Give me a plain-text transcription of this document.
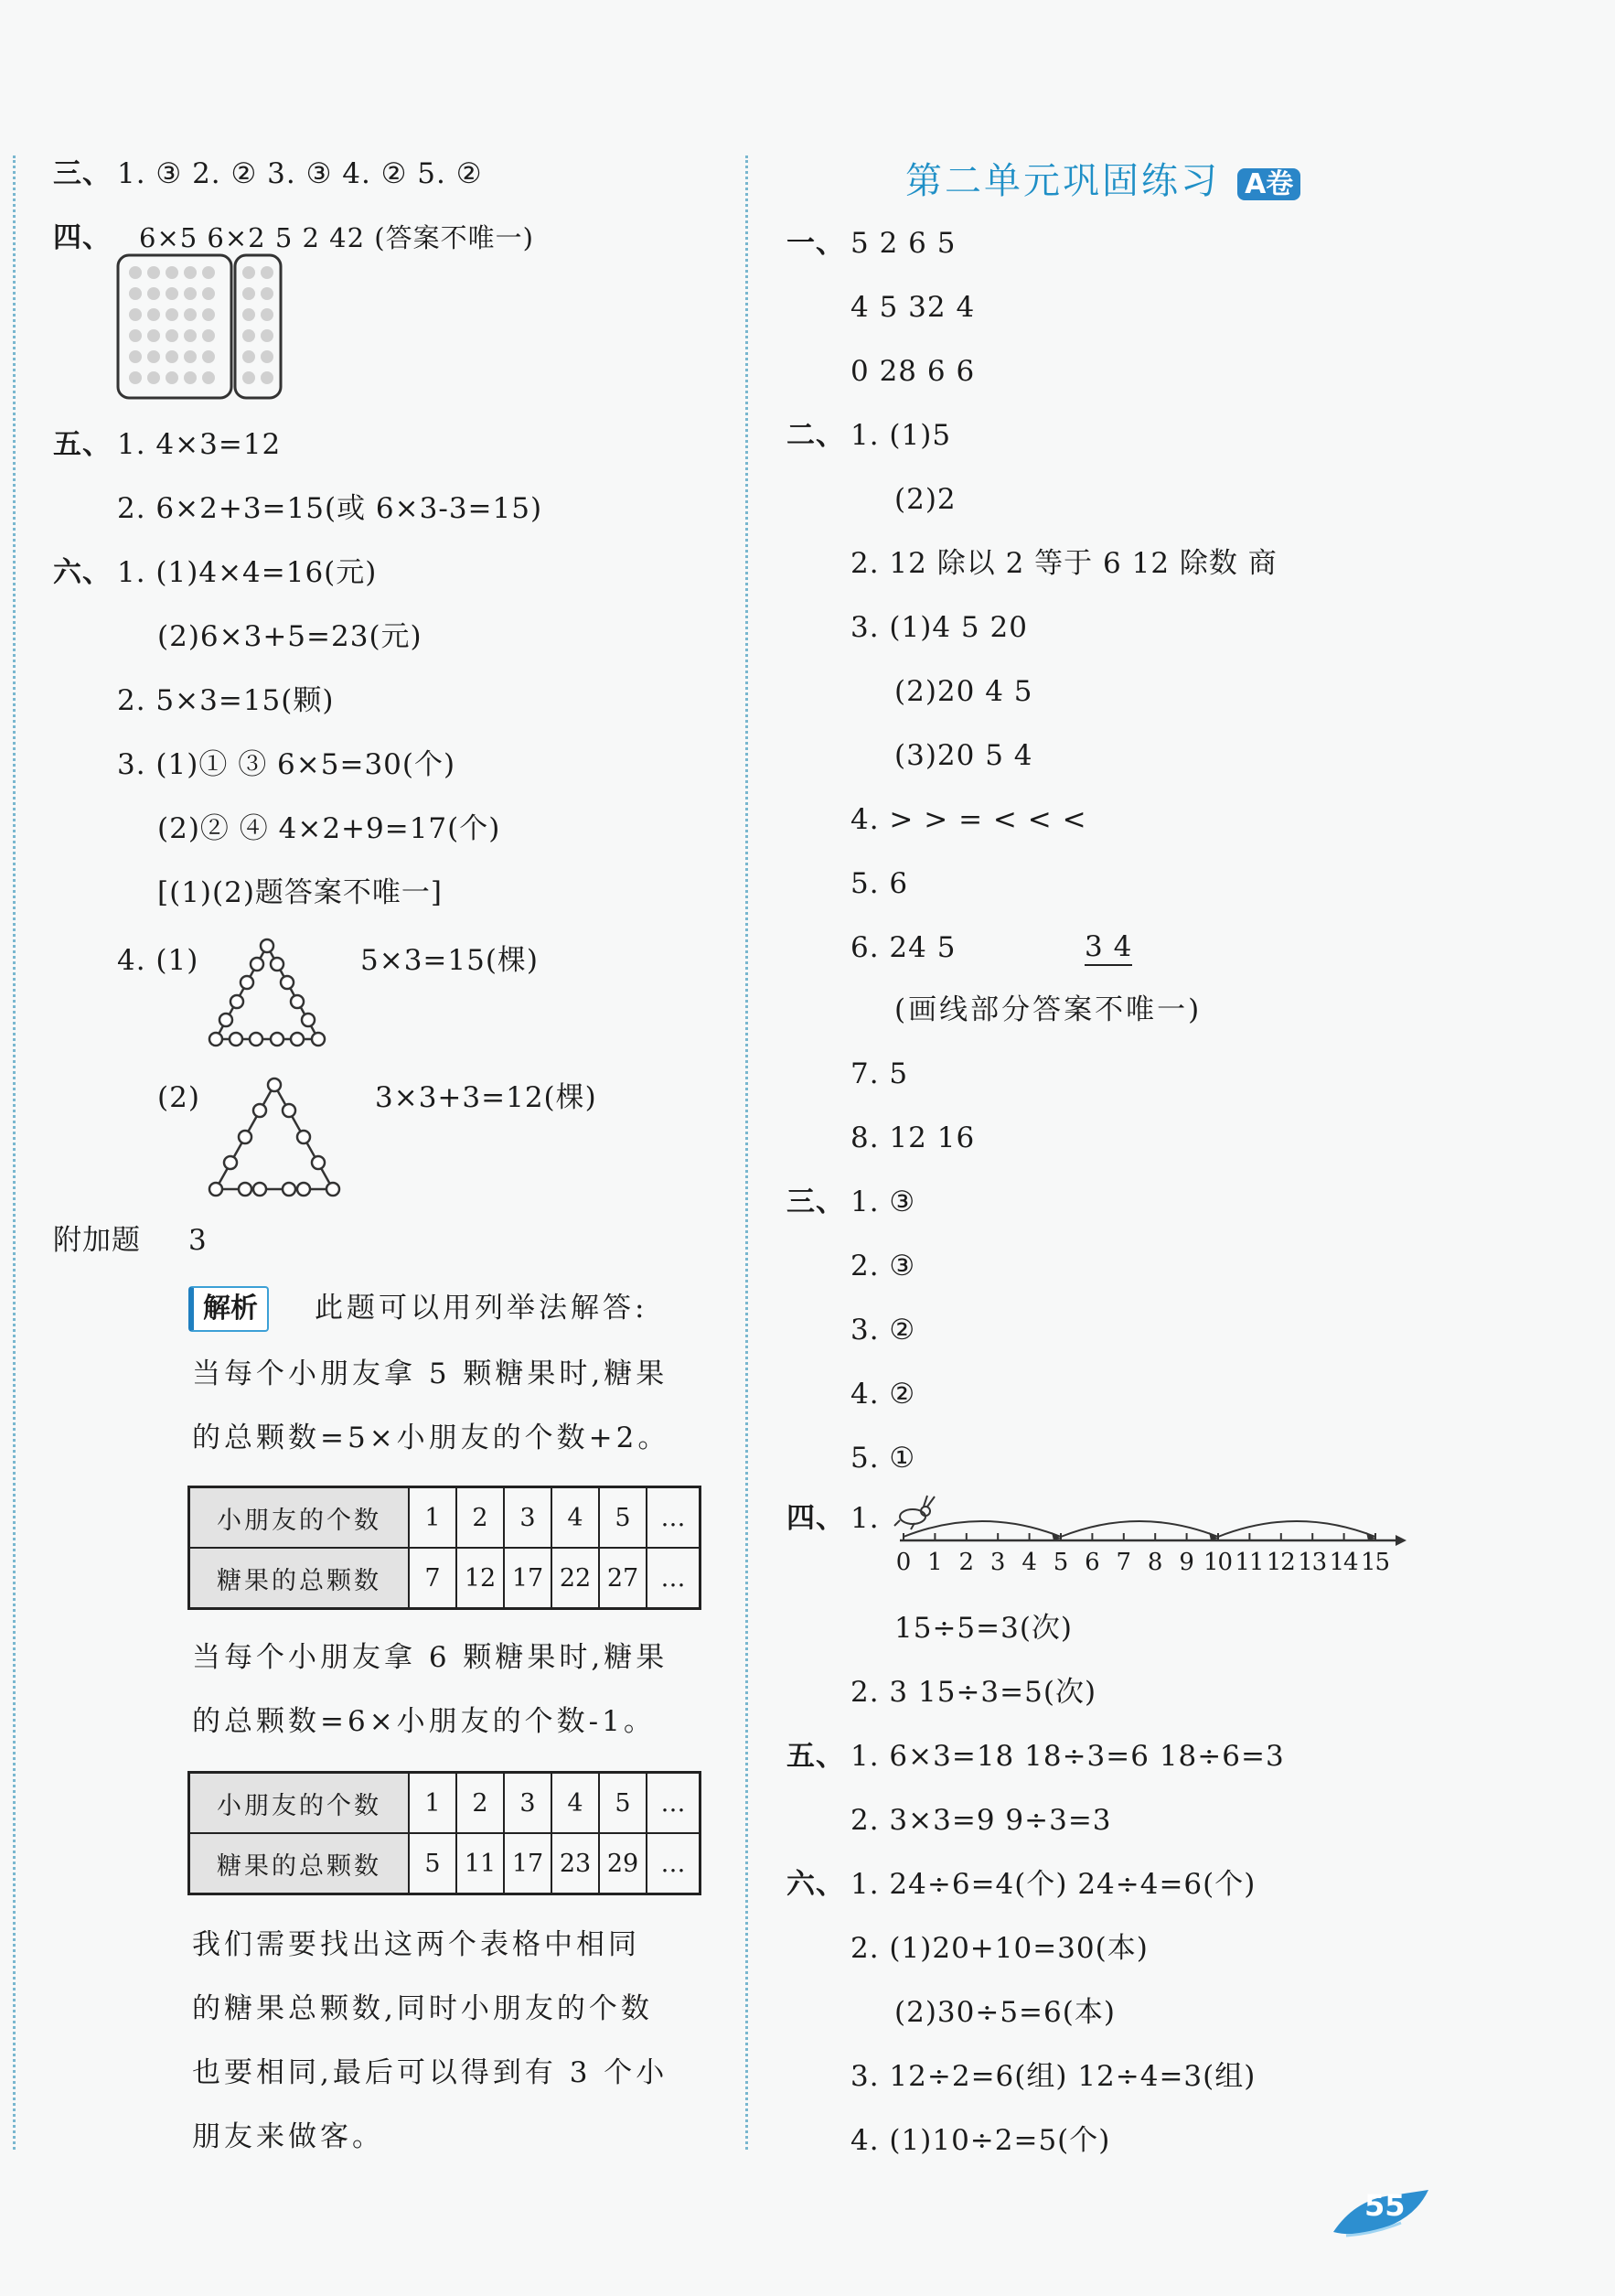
三、 1. ③ 2. ② 3. ③ 4. ② 5. ②
四、 6×5 6×2 5 2 42 (答案不唯一)
五、 1. 4×3=12
2. 6×2+3=15(或 6×3-3=15)
六、 1. (1)4×4=16(元)
(2)6×3+5=23(元)
2. 5×3=15(颗)
3. (1)① ③ 6×5=30(个)
(2)② ④ 4×2+9=17(个)
[(1)(2)题答案不唯一]
4. (1)	5×3=15(棵)
(2)	3×3+3=12(棵)
附加题 3
解析	此题可以用列举法解答:
当每个小朋友拿 5 颗糖果时,糖果
的总颗数=5×小朋友的个数+2。
小朋友的个数	1	2	3	4	5	…
糖果的总颗数	7	12	17	22	27	…
当每个小朋友拿 6 颗糖果时,糖果
的总颗数=6×小朋友的个数-1。
小朋友的个数	1	2	3	4	5	…
糖果的总颗数	5	11	17	23	29	…
我们需要找出这两个表格中相同
的糖果总颗数,同时小朋友的个数
也要相同,最后可以得到有 3 个小
朋友来做客。
第二单元巩固练习 A卷
一、 5 2 6 5
4 5 32 4
0 28 6 6
二、 1. (1)5
(2)2
2. 12 除以 2 等于 6 12 除数 商
3. (1)4 5 20
(2)20 4 5
(3)20 5 4
4. > > = < < <
5. 6
6. 24 5	3 4
(画线部分答案不唯一)
7. 5
8. 12 16
三、 1. ③
2. ③
3. ②
4. ②
5. ①
四、 1.
0 1 2 3 4 5 6 7 8 9 10 11 12 13 14 15
15÷5=3(次)
2. 3 15÷3=5(次)
五、 1. 6×3=18 18÷3=6 18÷6=3
2. 3×3=9 9÷3=3
六、 1. 24÷6=4(个) 24÷4=6(个)
2. (1)20+10=30(本)
(2)30÷5=6(本)
3. 12÷2=6(组) 12÷4=3(组)
4. (1)10÷2=5(个)
55
